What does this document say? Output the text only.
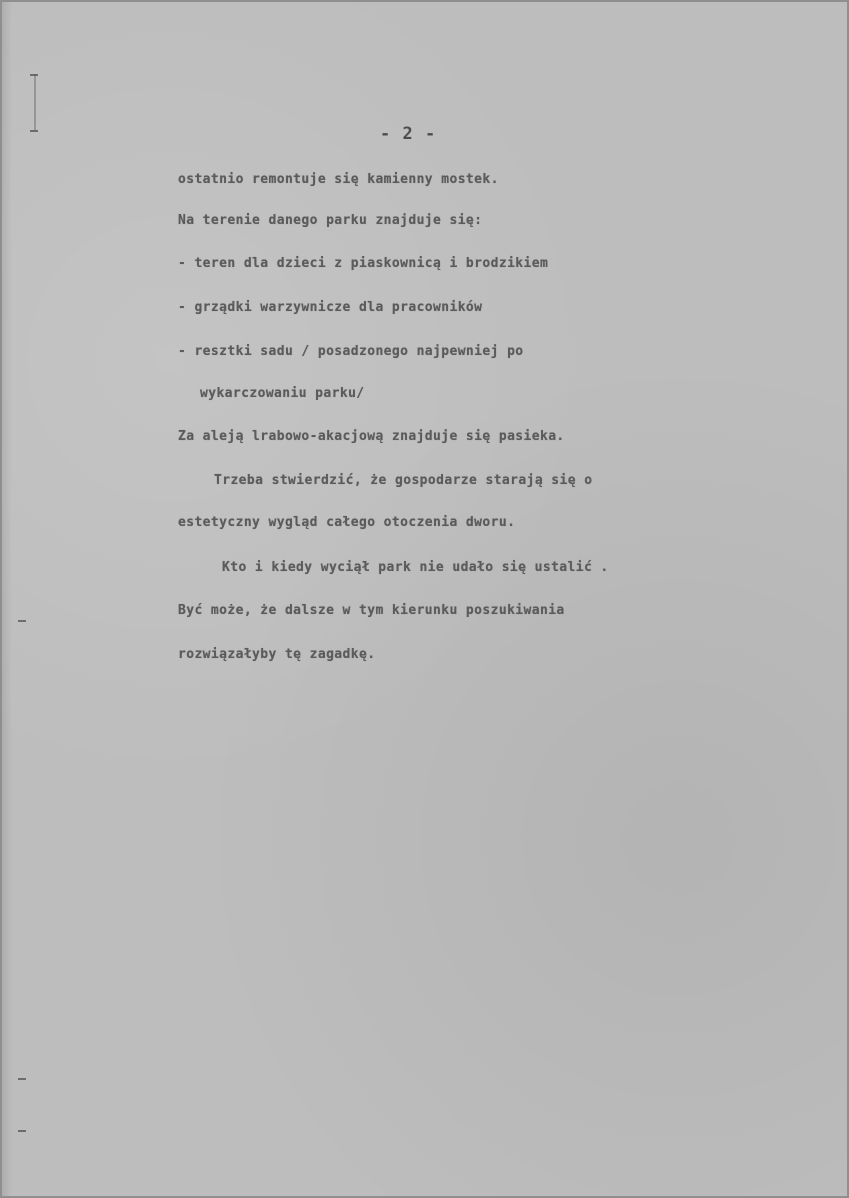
- 2 -
ostatnio remontuje się kamienny mostek.
Na terenie danego parku znajduje się:
- teren dla dzieci z piaskownicą i brodzikiem
- grządki warzywnicze dla pracowników
- resztki sadu / posadzonego najpewniej po
wykarczowaniu parku/
Za aleją lrabowo-akacjową znajduje się pasieka.
Trzeba stwierdzić, że gospodarze starają się o
estetyczny wygląd całego otoczenia dworu.
Kto i kiedy wyciął park nie udało się ustalić .
Być może, że dalsze w tym kierunku poszukiwania
rozwiązałyby tę zagadkę.
